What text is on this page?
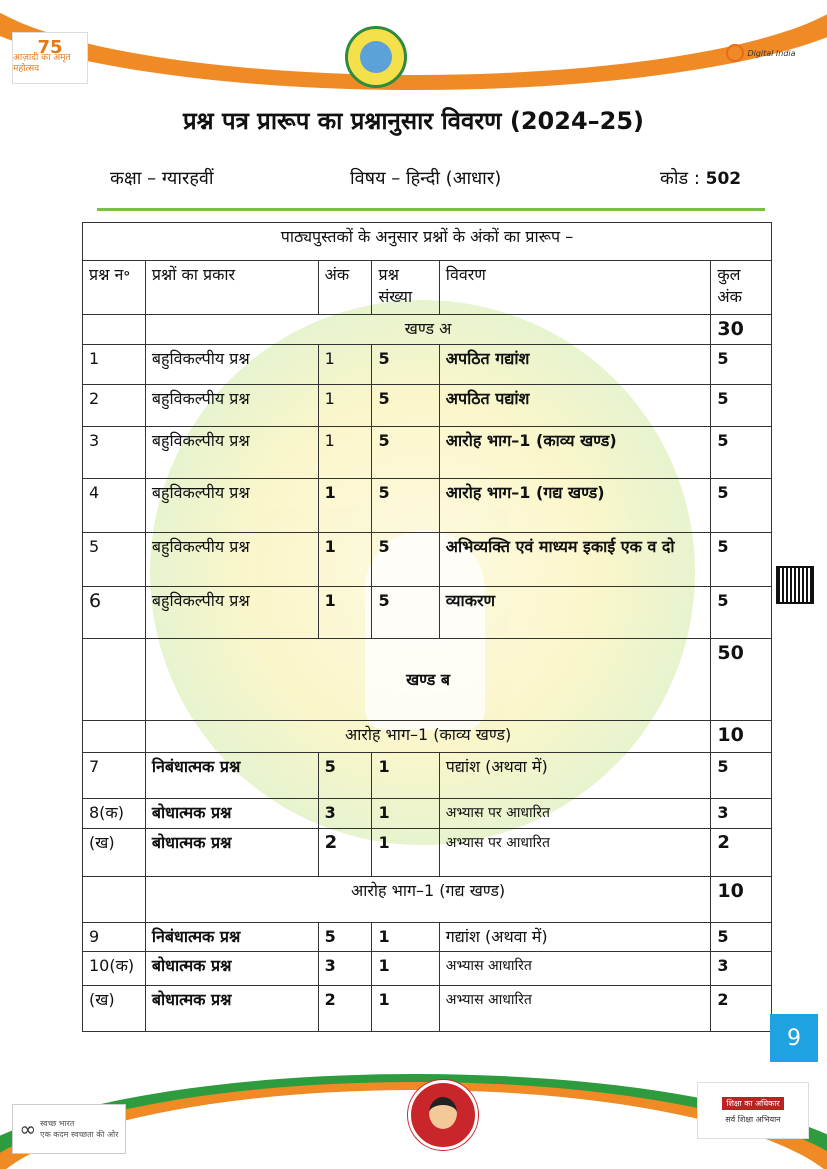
75
आज़ादी का अमृत महोत्सव
Digital India
प्रश्न पत्र प्रारूप का प्रश्नानुसार विवरण (2024–25)
कक्षा – ग्यारहवीं	विषय – हिन्दी (आधार)	कोड : 502
पाठ्यपुस्तकों के अनुसार प्रश्नों के अंकों का प्रारूप –					
प्रश्न न॰	प्रश्नों का प्रकार	अंक	प्रश्न संख्या	विवरण	कुल अंक
	खण्ड अ				30
1	बहुविकल्पीय प्रश्न	1	5	अपठित गद्यांश	5
2	बहुविकल्पीय प्रश्न	1	5	अपठित पद्यांश	5
3	बहुविकल्पीय प्रश्न	1	5	आरोह भाग–1 (काव्य खण्ड)	5
4	बहुविकल्पीय प्रश्न	1	5	आरोह भाग–1 (गद्य खण्ड)	5
5	बहुविकल्पीय प्रश्न	1	5	अभिव्यक्ति एवं माध्यम इकाई एक व दो	5
6	बहुविकल्पीय प्रश्न	1	5	व्याकरण	5
	खण्ड ब				50
	आरोह भाग–1 (काव्य खण्ड)				10
7	निबंधात्मक प्रश्न	5	1	पद्यांश (अथवा में)	5
8(क)	बोधात्मक प्रश्न	3	1	अभ्यास पर आधारित	3
(ख)	बोधात्मक प्रश्न	2	1	अभ्यास पर आधारित	2
	आरोह भाग–1 (गद्य खण्ड)				10
9	निबंधात्मक प्रश्न	5	1	गद्यांश (अथवा में)	5
10(क)	बोधात्मक प्रश्न	3	1	अभ्यास आधारित	3
(ख)	बोधात्मक प्रश्न	2	1	अभ्यास आधारित	2
9
∞ स्वच्छ भारत
एक कदम स्वच्छता की ओर
शिक्षा का अधिकार
सर्व शिक्षा अभियान
